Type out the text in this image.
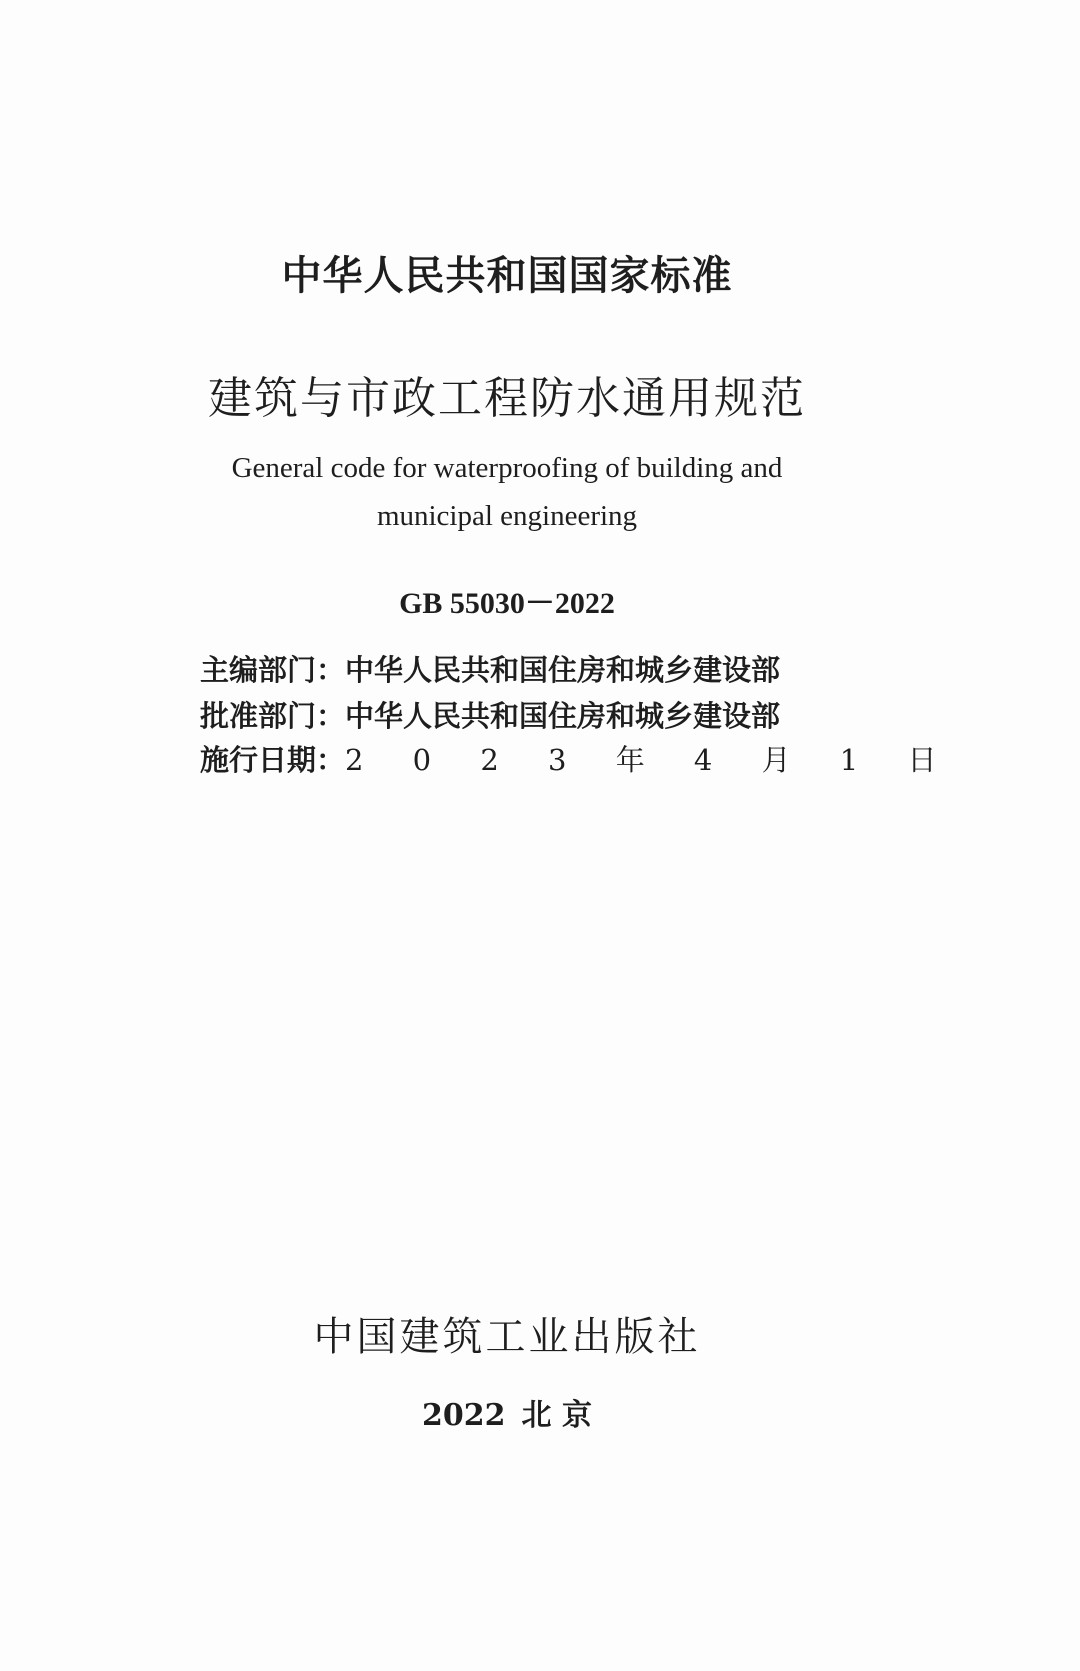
中华人民共和国国家标准
建筑与市政工程防水通用规范
General code for waterproofing of building and
municipal engineering
GB 55030－2022
主编部门：中华人民共和国住房和城乡建设部
批准部门：中华人民共和国住房和城乡建设部
施行日期：2 0 2 3 年 4 月 1 日
中国建筑工业出版社
2022 北 京
